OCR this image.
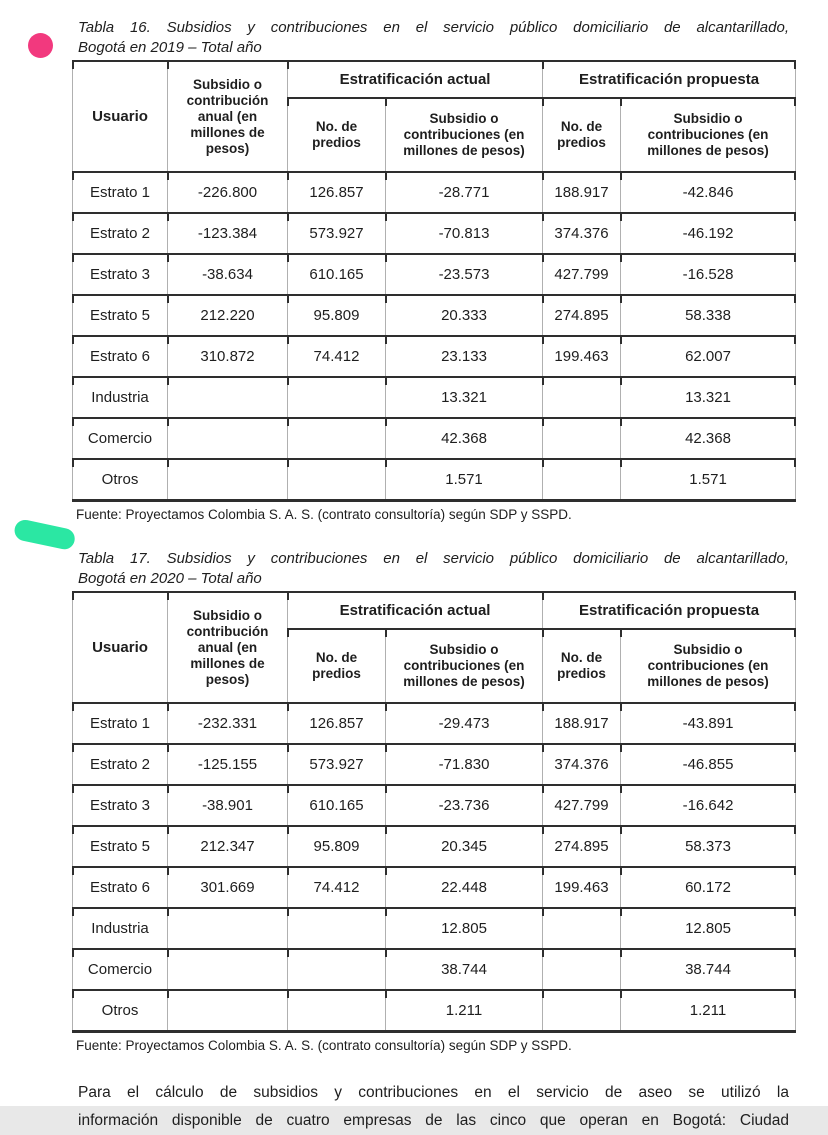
Tabla 16. Subsidios y contribuciones en el servicio público domiciliario de alcantarillado,
Bogotá en 2019 – Total año
Usuario	Subsidio o contribución anual (en millones de pesos)	Estratificación actual		Estratificación propuesta	
		No. de predios	Subsidio o contribuciones (en millones de pesos)	No. de predios	Subsidio o contribuciones (en millones de pesos)
Estrato 1	-226.800	126.857	-28.771	188.917	-42.846
Estrato 2	-123.384	573.927	-70.813	374.376	-46.192
Estrato 3	-38.634	610.165	-23.573	427.799	-16.528
Estrato 5	212.220	95.809	20.333	274.895	58.338
Estrato 6	310.872	74.412	23.133	199.463	62.007
Industria			13.321		13.321
Comercio			42.368		42.368
Otros			1.571		1.571

Fuente: Proyectamos Colombia S. A. S. (contrato consultoría) según SDP y SSPD.

Tabla 17. Subsidios y contribuciones en el servicio público domiciliario de alcantarillado,
Bogotá en 2020 – Total año
Usuario	Subsidio o contribución anual (en millones de pesos)	Estratificación actual		Estratificación propuesta	
		No. de predios	Subsidio o contribuciones (en millones de pesos)	No. de predios	Subsidio o contribuciones (en millones de pesos)
Estrato 1	-232.331	126.857	-29.473	188.917	-43.891
Estrato 2	-125.155	573.927	-71.830	374.376	-46.855
Estrato 3	-38.901	610.165	-23.736	427.799	-16.642
Estrato 5	212.347	95.809	20.345	274.895	58.373
Estrato 6	301.669	74.412	22.448	199.463	60.172
Industria			12.805		12.805
Comercio			38.744		38.744
Otros			1.211		1.211

Fuente: Proyectamos Colombia S. A. S. (contrato consultoría) según SDP y SSPD.

Para el cálculo de subsidios y contribuciones en el servicio de aseo se utilizó la
información disponible de cuatro empresas de las cinco que operan en Bogotá: Ciudad
